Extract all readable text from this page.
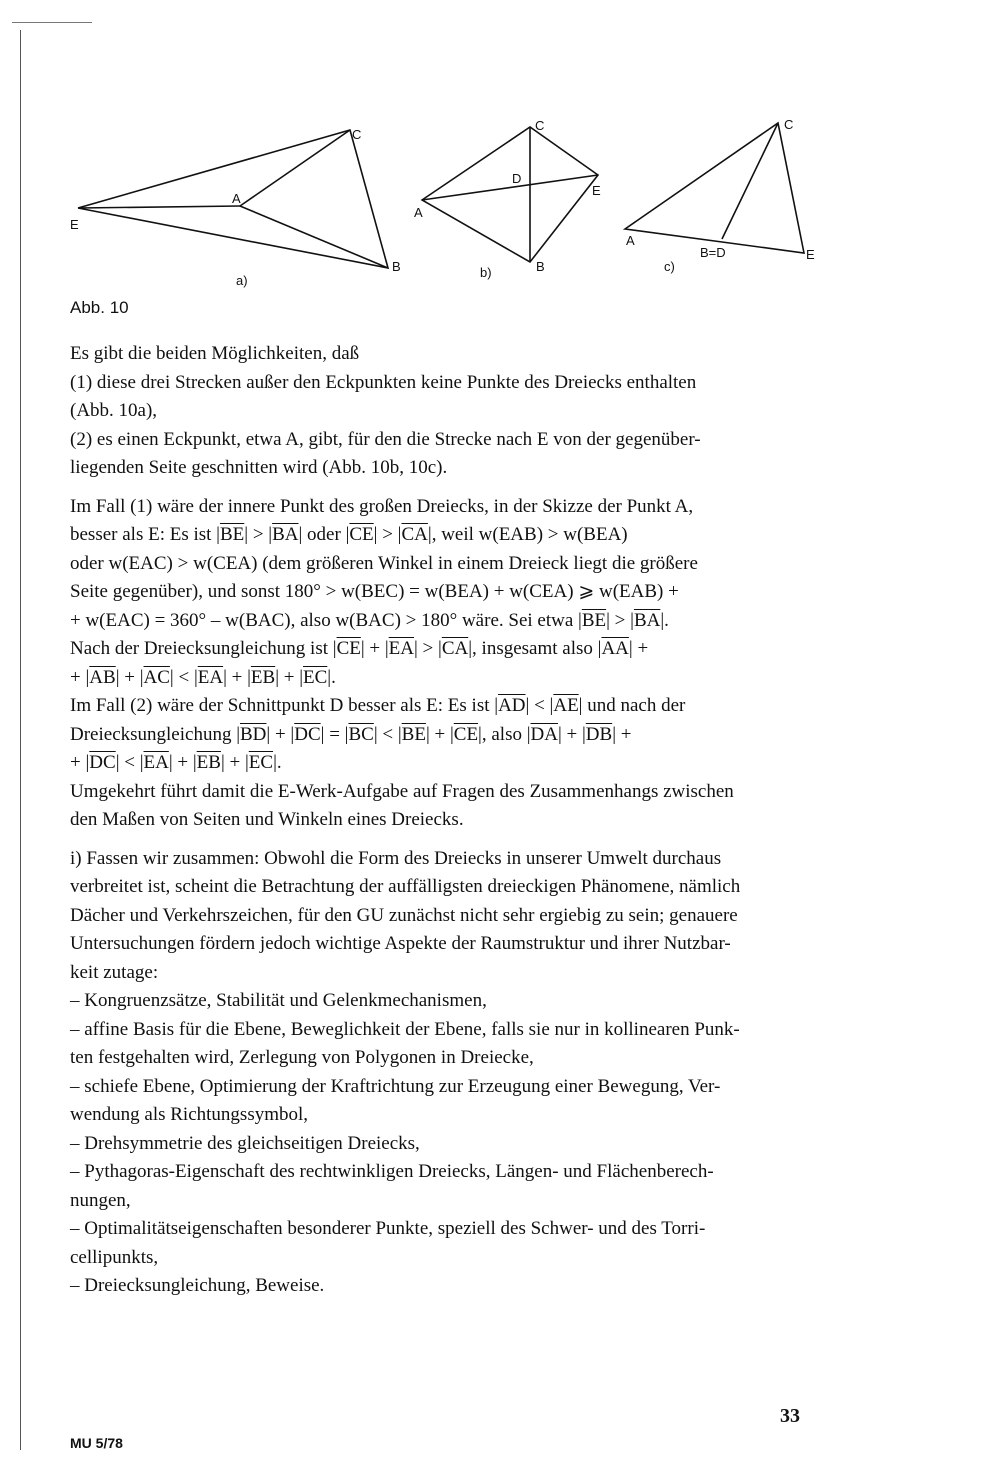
E
A
C
B
a)
A
C
D
E
B
b)
A
C
B=D	E
c)
Abb. 10
Es gibt die beiden Möglichkeiten, daß
(1) diese drei Strecken außer den Eckpunkten keine Punkte des Dreiecks enthalten
(Abb. 10a),
(2) es einen Eckpunkt, etwa A, gibt, für den die Strecke nach E von der gegenüber-
liegenden Seite geschnitten wird (Abb. 10b, 10c).
Im Fall (1) wäre der innere Punkt des großen Dreiecks, in der Skizze der Punkt A,
besser als E: Es ist $|\overline{BE}| > |\overline{BA}|$ oder $|\overline{CE}| > |\overline{CA}|$, weil w(EAB) > w(BEA)
oder w(EAC) > w(CEA) (dem größeren Winkel in einem Dreieck liegt die größere
Seite gegenüber), und sonst 180° > w(BEC) = w(BEA) + w(CEA) ⩾ w(EAB) +
+ w(EAC) = 360° – w(BAC), also w(BAC) > 180° wäre. Sei etwa $|\overline{BE}| > |\overline{BA}|$.
Nach der Dreiecksungleichung ist $|\overline{CE}| + |\overline{EA}| > |\overline{CA}|$, insgesamt also $|\overline{AA}|$ +
+ $|\overline{AB}| + |\overline{AC}| < |\overline{EA}| + |\overline{EB}| + |\overline{EC}|$.
Im Fall (2) wäre der Schnittpunkt D besser als E: Es ist $|\overline{AD}| < |\overline{AE}|$ und nach der
Dreiecksungleichung $|\overline{BD}| + |\overline{DC}| = |\overline{BC}| < |\overline{BE}| + |\overline{CE}|$, also $|\overline{DA}| + |\overline{DB}|$ +
+ $|\overline{DC}| < |\overline{EA}| + |\overline{EB}| + |\overline{EC}|$.
Umgekehrt führt damit die E-Werk-Aufgabe auf Fragen des Zusammenhangs zwischen
den Maßen von Seiten und Winkeln eines Dreiecks.
i) Fassen wir zusammen: Obwohl die Form des Dreiecks in unserer Umwelt durchaus
verbreitet ist, scheint die Betrachtung der auffälligsten dreieckigen Phänomene, nämlich
Dächer und Verkehrszeichen, für den GU zunächst nicht sehr ergiebig zu sein; genauere
Untersuchungen fördern jedoch wichtige Aspekte der Raumstruktur und ihrer Nutzbar-
keit zutage:
– Kongruenzsätze, Stabilität und Gelenkmechanismen,
– affine Basis für die Ebene, Beweglichkeit der Ebene, falls sie nur in kollinearen Punk-
ten festgehalten wird, Zerlegung von Polygonen in Dreiecke,
– schiefe Ebene, Optimierung der Kraftrichtung zur Erzeugung einer Bewegung, Ver-
wendung als Richtungssymbol,
– Drehsymmetrie des gleichseitigen Dreiecks,
– Pythagoras-Eigenschaft des rechtwinkligen Dreiecks, Längen- und Flächenberech-
nungen,
– Optimalitätseigenschaften besonderer Punkte, speziell des Schwer- und des Torri-
cellipunkts,
– Dreiecksungleichung, Beweise.
33
MU 5/78
